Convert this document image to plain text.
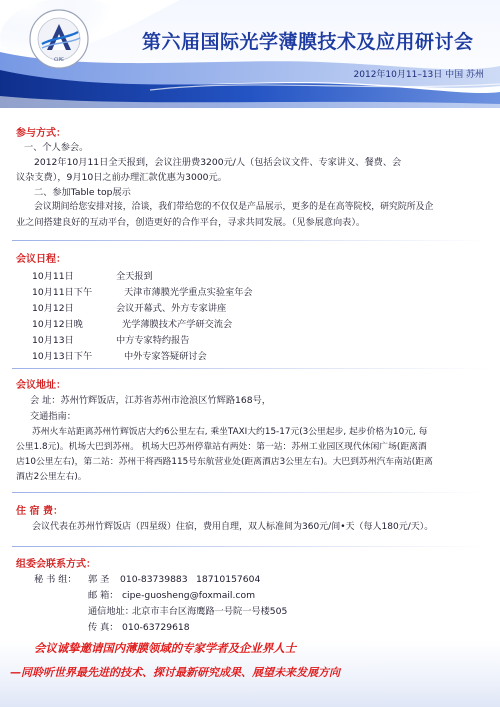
CIPE
第六届国际光学薄膜技术及应用研讨会
2012年10月11–13日 中国 苏州
参与方式：
一、个人参会。
2012年10月11日全天报到，会议注册费3200元/人（包括会议文件、专家讲义、餐费、会
议杂支费），9月10日之前办理汇款优惠为3000元。
二、参加Table top展示
会议期间给您安排对接，洽谈，我们带给您的不仅仅是产品展示，更多的是在高等院校，研究院所及企
业之间搭建良好的互动平台，创造更好的合作平台，寻求共同发展。（见参展意向表）。
会议日程：
10月11日	全天报到
10月11日下午	天津市薄膜光学重点实验室年会
10月12日	会议开幕式、外方专家讲座
10月12日晚	光学薄膜技术产学研交流会
10月13日	中方专家特约报告
10月13日下午	中外专家答疑研讨会
会议地址：
会 址：苏州竹辉饭店，江苏省苏州市沧浪区竹辉路168号，
交通指南：
苏州火车站距离苏州竹辉饭店大约6公里左右, 乘坐TAXI大约15-17元(3公里起步, 起步价格为10元, 每
公里1.8元)。机场大巴到苏州。 机场大巴苏州停靠站有两处：第一站：苏州工业园区现代休闲广场(距离酒
店10公里左右)，第二站：苏州干将西路115号东航营业处(距离酒店3公里左右)。大巴到苏州汽车南站(距离
酒店2公里左右)。
住 宿 费：
会议代表在苏州竹辉饭店（四星级）住宿，费用自理，双人标准间为360元/间•天（每人180元/天）。
组委会联系方式：
秘 书 组： 郭 圣 010-83739883 18710157604
邮 箱： cipe-guosheng@foxmail.com
通信地址：
北京市丰台区海鹰路一号院一号楼505
传 真： 010-63729618
会议诚挚邀请国内薄膜领域的专家学者及企业界人士
—同聆听世界最先进的技术、探讨最新研究成果、展望未来发展方向
